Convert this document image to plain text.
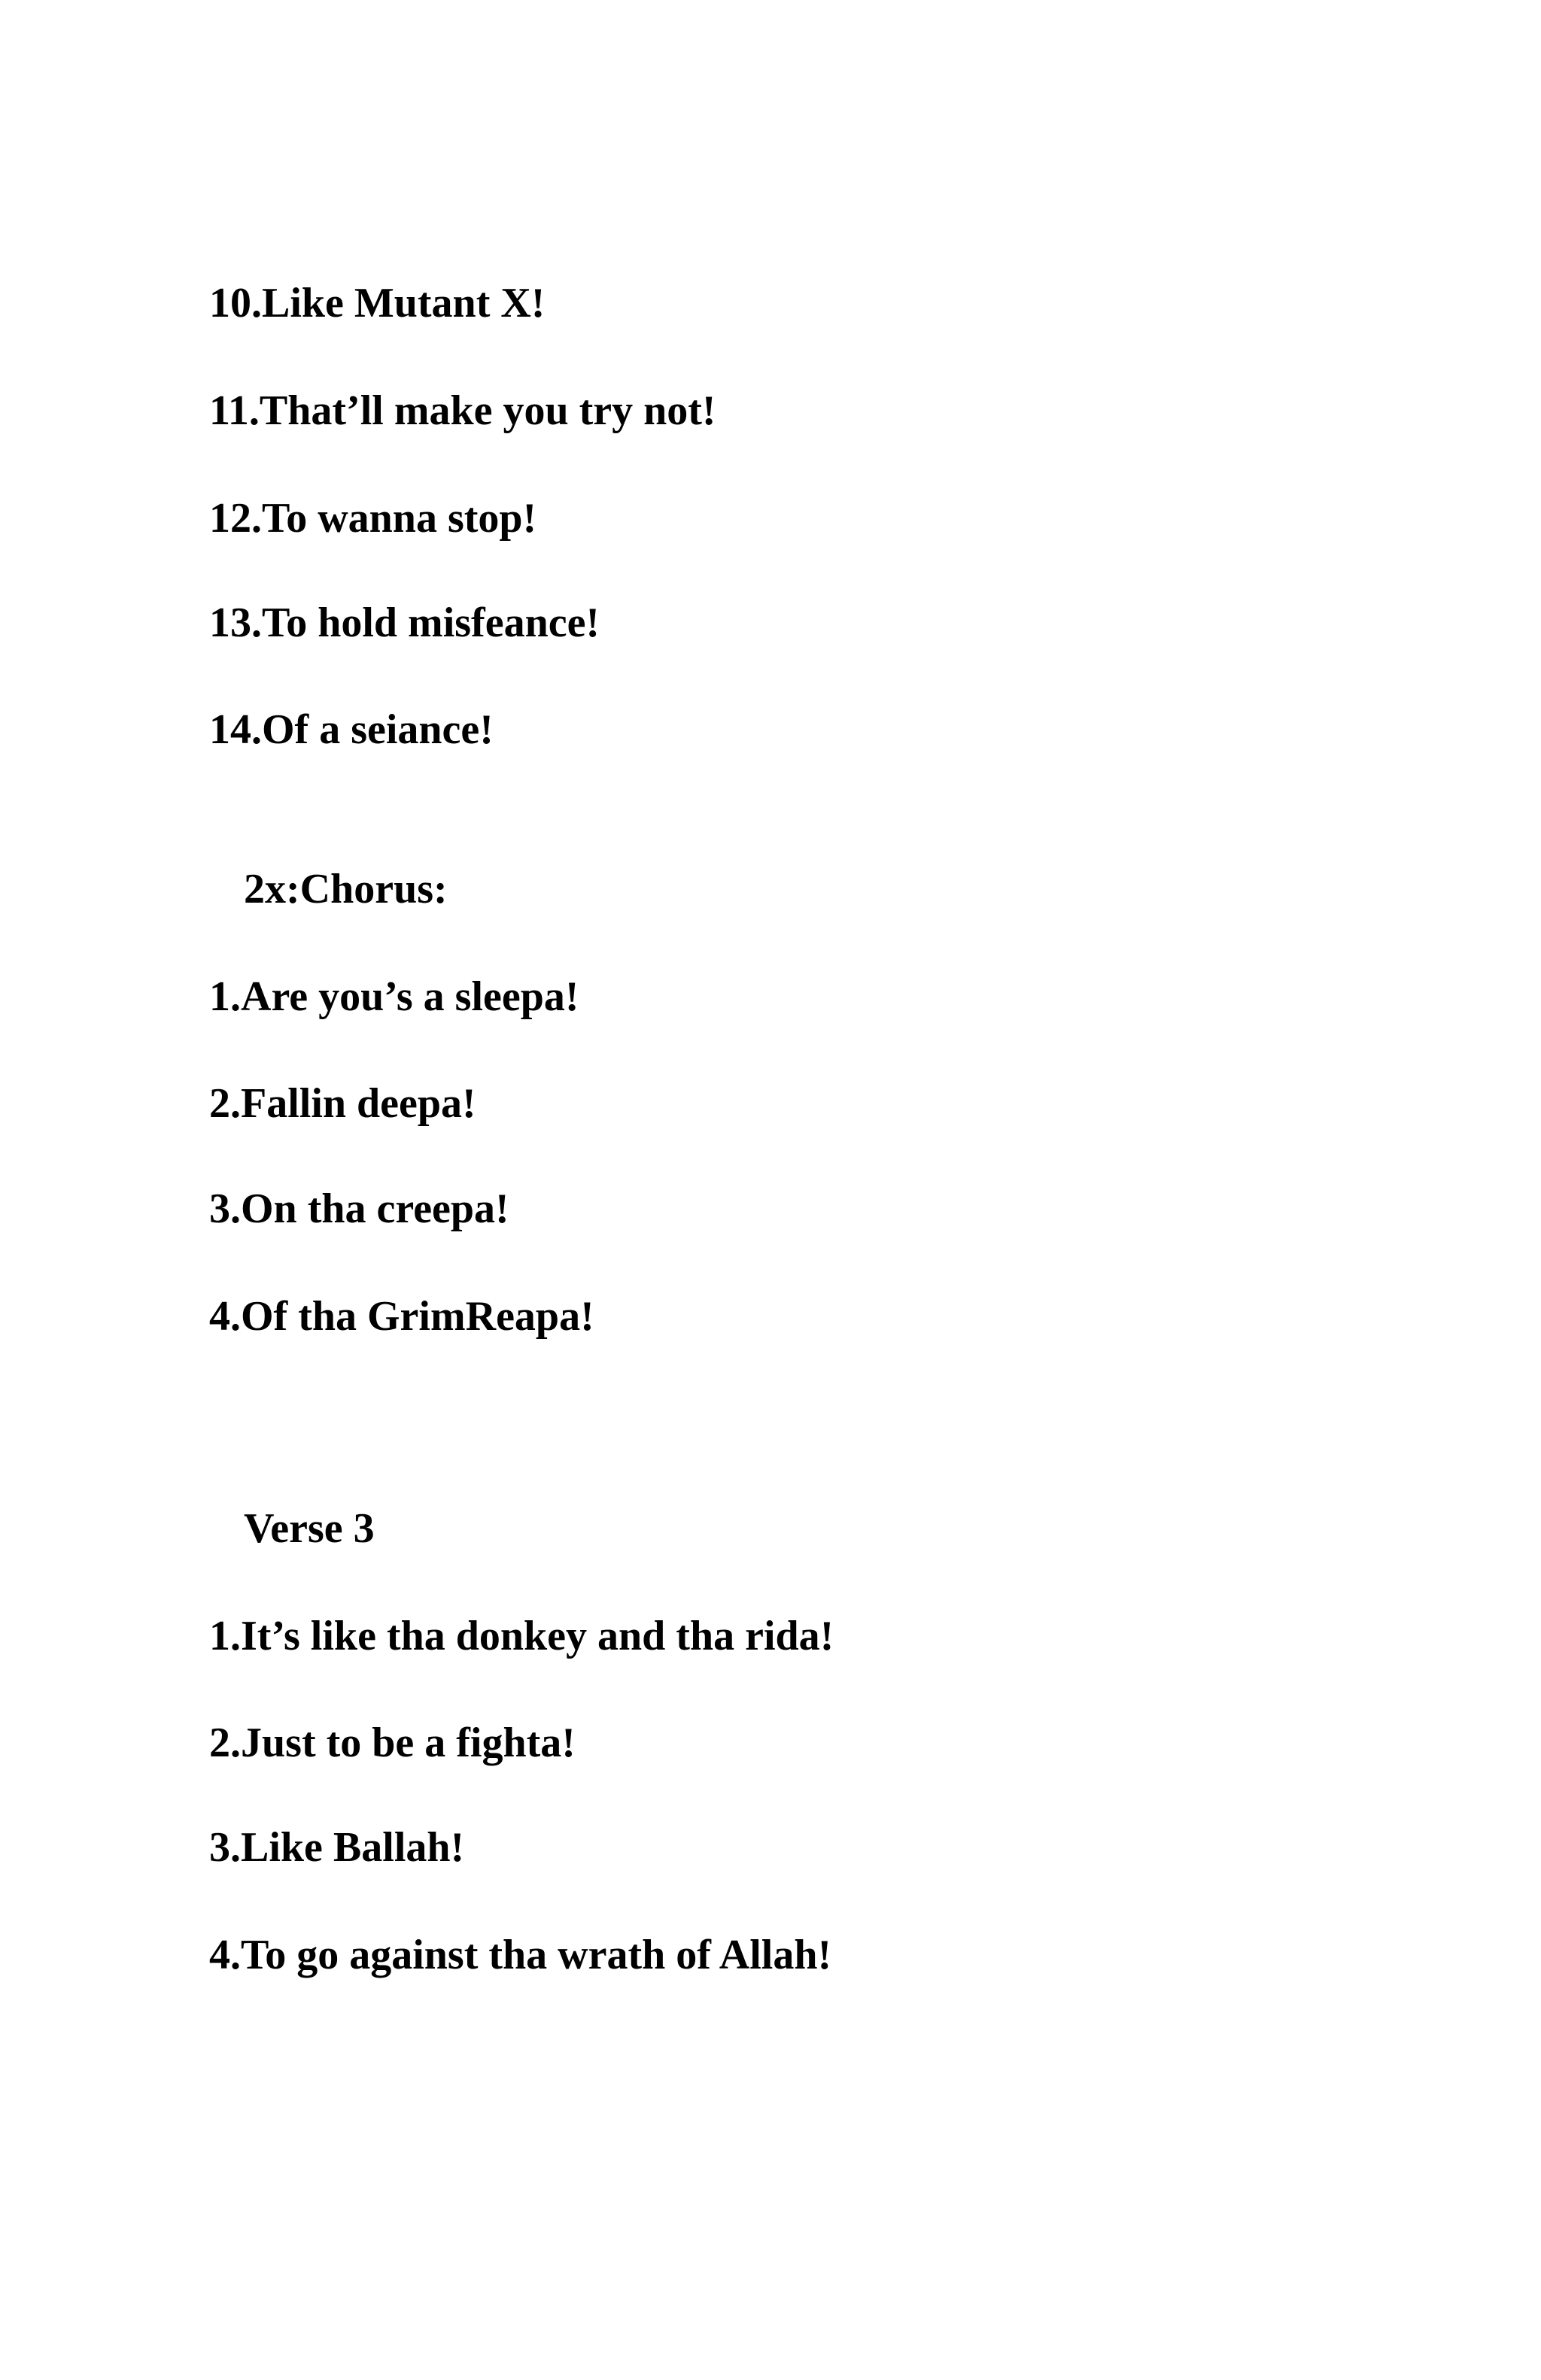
10.Like Mutant X!

11.That’ll make you try not!

12.To wanna stop!

13.To hold misfeance!

14.Of a seiance!

2x:Chorus:

1.Are you’s a sleepa!

2.Fallin deepa!

3.On tha creepa!

4.Of tha GrimReapa!

Verse 3

1.It’s like tha donkey and tha rida!

2.Just to be a fighta!

3.Like Ballah!

4.To go against tha wrath of Allah!
